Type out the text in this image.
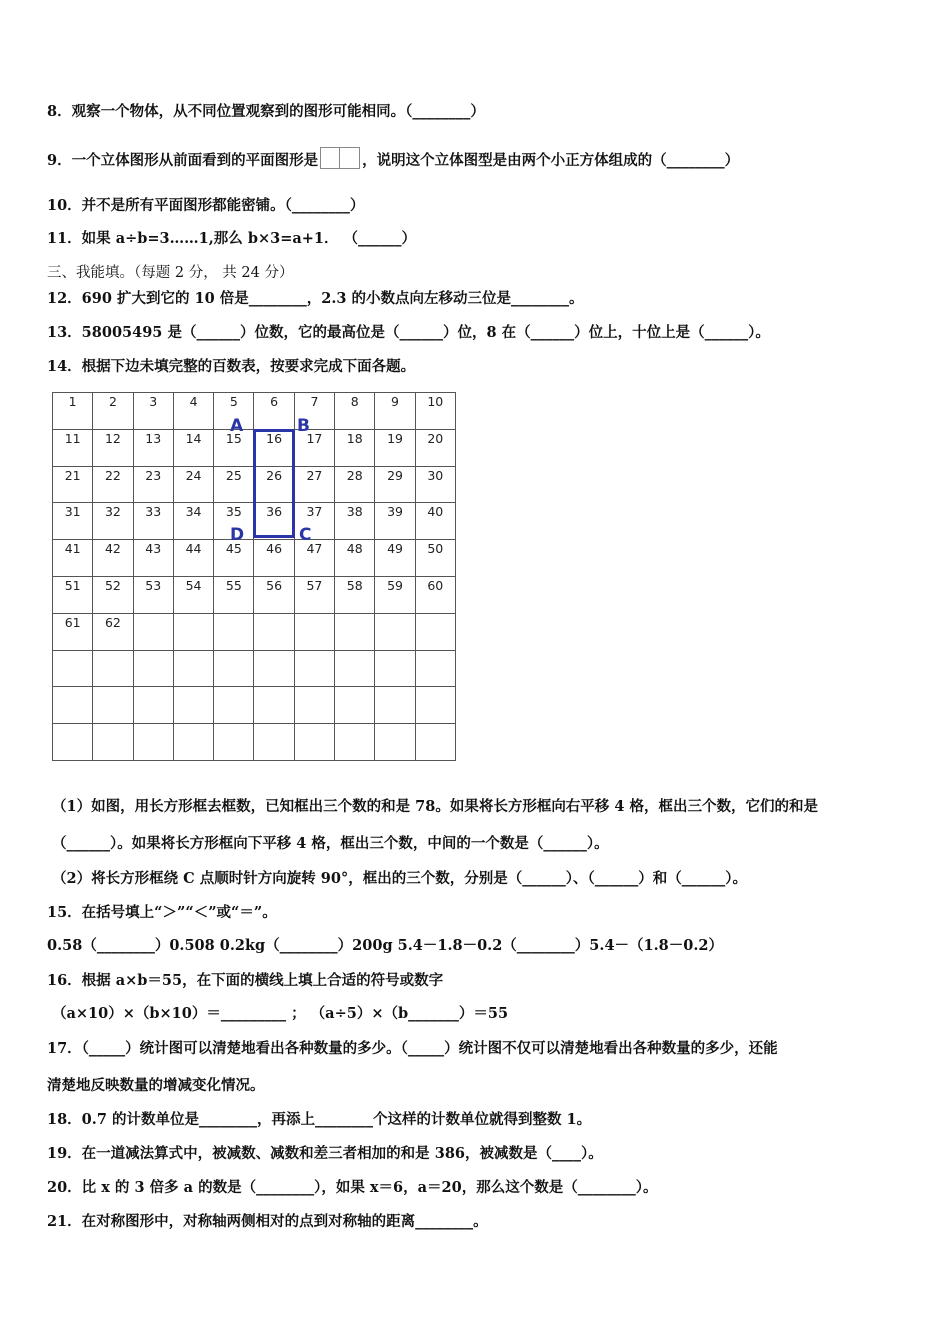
8．观察一个物体，从不同位置观察到的图形可能相同。（________）
9．一个立体图形从前面看到的平面图形是	，说明这个立体图型是由两个小正方体组成的（________）
10．并不是所有平面图形都能密铺。（________）
11．如果 a÷b=3……1,那么 b×3=a+1． （______）
三、我能填。（每题 2 分， 共 24 分）
12．690 扩大到它的 10 倍是________，2.3 的小数点向左移动三位是________。
13．58005495 是（______）位数，它的最高位是（______）位，8 在（______）位上，十位上是（______）。
14．根据下边未填完整的百数表，按要求完成下面各题。
1	2	3	4	5	6	7	8	9	10

11	12	13	14	15	16	17	18	19	20

21	22	23	24	25	26	27	28	29	30

31	32	33	34	35	36	37	38	39	40

41	42	43	44	45	46	47	48	49	50

51	52	53	54	55	56	57	58	59	60

61	62								

A	B
D	C
（1）如图，用长方形框去框数，已知框出三个数的和是 78。如果将长方形框向右平移 4 格，框出三个数，它们的和是
（______）。如果将长方形框向下平移 4 格，框出三个数，中间的一个数是（______）。
（2）将长方形框绕 C 点顺时针方向旋转 90°，框出的三个数，分别是（______）、（______）和（______）。
15．在括号填上“＞”“＜”或“＝”。
0.58（________）0.508 0.2kg（________）200g 5.4－1.8－0.2（________）5.4－（1.8－0.2）
16．根据 a×b＝55，在下面的横线上填上合适的符号或数字
（a×10）×（b×10）＝_________ ； （a÷5）×（b_______）＝55
17．（_____）统计图可以清楚地看出各种数量的多少。（_____）统计图不仅可以清楚地看出各种数量的多少，还能
清楚地反映数量的增减变化情况。
18．0.7 的计数单位是________，再添上________个这样的计数单位就得到整数 1。
19．在一道减法算式中，被减数、减数和差三者相加的和是 386，被减数是（____）。
20．比 x 的 3 倍多 a 的数是（________），如果 x＝6，a＝20，那么这个数是（________）。
21．在对称图形中，对称轴两侧相对的点到对称轴的距离________。
